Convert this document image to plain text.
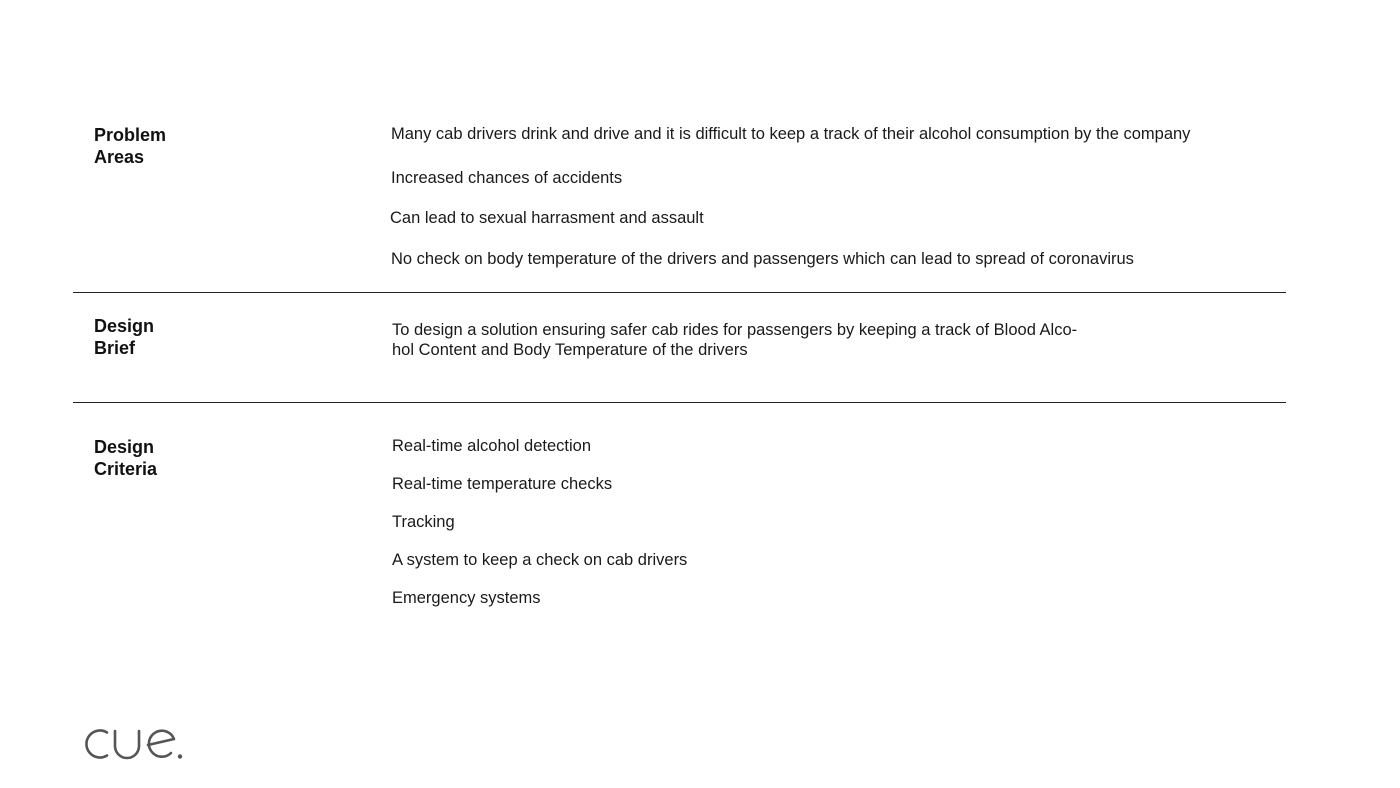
Problem
Areas
Many cab drivers drink and drive and it is difficult to keep a track of their alcohol consumption by the company
Increased chances of accidents
Can lead to sexual harrasment and assault
No check on body temperature of the drivers and passengers which can lead to spread of coronavirus
Design
Brief
To design a solution ensuring safer cab rides for passengers by keeping a track of Blood Alco-
hol Content and Body Temperature of the drivers
Design
Criteria
Real-time alcohol detection
Real-time temperature checks
Tracking
A system to keep a check on cab drivers
Emergency systems
